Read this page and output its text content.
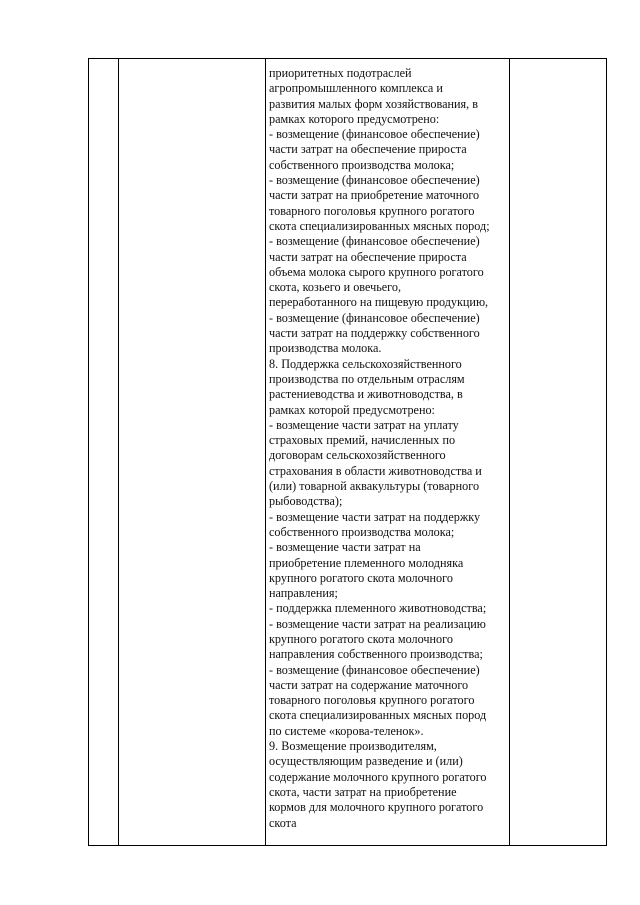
приоритетных подотраслей
агропромышленного комплекса и
развития малых форм хозяйствования, в
рамках которого предусмотрено:
- возмещение (финансовое обеспечение)
части затрат на обеспечение прироста
собственного производства молока;
- возмещение (финансовое обеспечение)
части затрат на приобретение маточного
товарного поголовья крупного рогатого
скота специализированных мясных пород;
- возмещение (финансовое обеспечение)
части затрат на обеспечение прироста
объема молока сырого крупного рогатого
скота, козьего и овечьего,
переработанного на пищевую продукцию,
- возмещение (финансовое обеспечение)
части затрат на поддержку собственного
производства молока.
8. Поддержка сельскохозяйственного
производства по отдельным отраслям
растениеводства и животноводства, в
рамках которой предусмотрено:
- возмещение части затрат на уплату
страховых премий, начисленных по
договорам сельскохозяйственного
страхования в области животноводства и
(или) товарной аквакультуры (товарного
рыбоводства);
- возмещение части затрат на поддержку
собственного производства молока;
- возмещение части затрат на
приобретение племенного молодняка
крупного рогатого скота молочного
направления;
- поддержка племенного животноводства;
- возмещение части затрат на реализацию
крупного рогатого скота молочного
направления собственного производства;
- возмещение (финансовое обеспечение)
части затрат на содержание маточного
товарного поголовья крупного рогатого
скота специализированных мясных пород
по системе «корова-теленок».
9. Возмещение производителям,
осуществляющим разведение и (или)
содержание молочного крупного рогатого
скота, части затрат на приобретение
кормов для молочного крупного рогатого
скота
